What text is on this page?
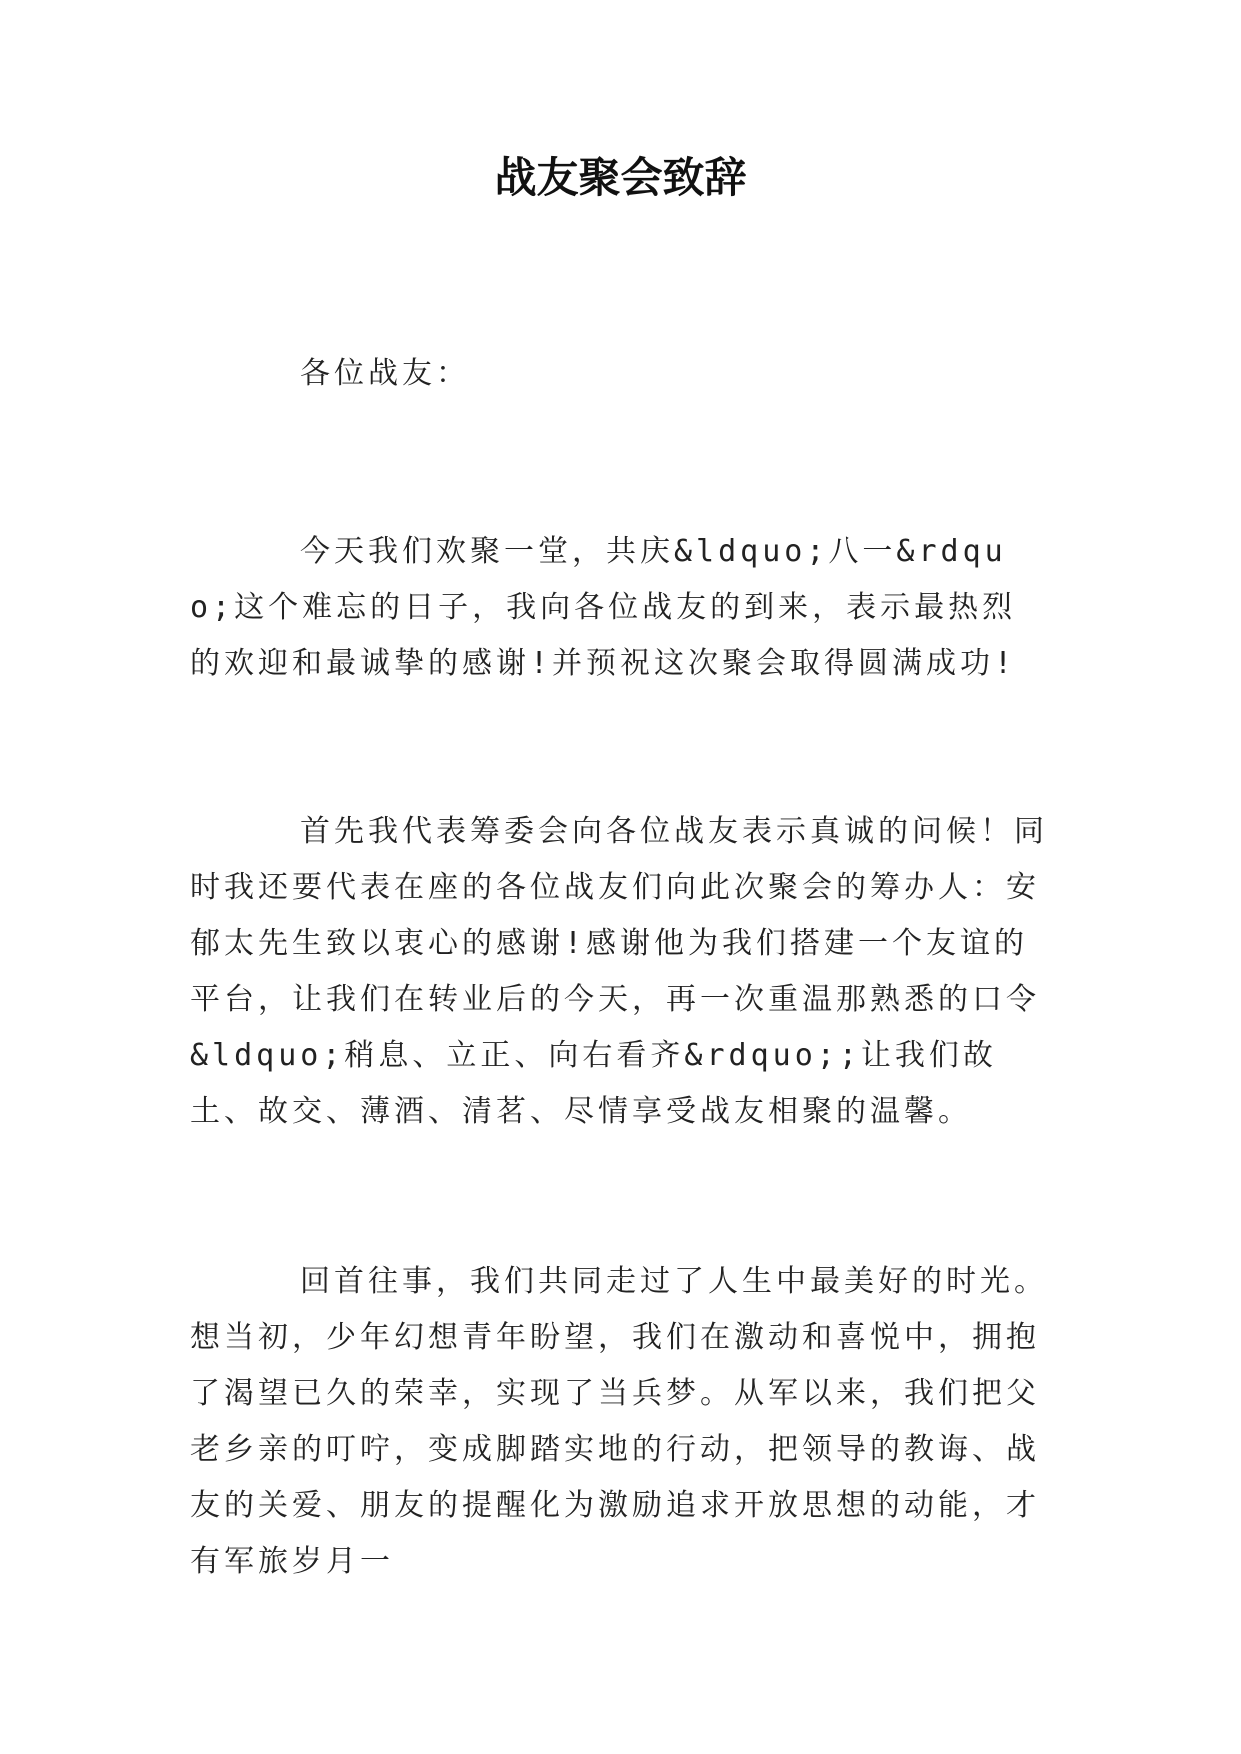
战友聚会致辞

各位战友：

今天我们欢聚一堂，共庆&ldquo;八一&rdquo;这个难忘的日子，我向各位战友的到来，表示最热烈的欢迎和最诚挚的感谢!并预祝这次聚会取得圆满成功!

首先我代表筹委会向各位战友表示真诚的问候！同时我还要代表在座的各位战友们向此次聚会的筹办人：安郁太先生致以衷心的感谢!感谢他为我们搭建一个友谊的平台，让我们在转业后的今天，再一次重温那熟悉的口令&ldquo;稍息、立正、向右看齐&rdquo;;让我们故土、故交、薄酒、清茗、尽情享受战友相聚的温馨。

回首往事，我们共同走过了人生中最美好的时光。想当初，少年幻想青年盼望，我们在激动和喜悦中，拥抱了渴望已久的荣幸，实现了当兵梦。从军以来，我们把父老乡亲的叮咛，变成脚踏实地的行动，把领导的教诲、战友的关爱、朋友的提醒化为激励追求开放思想的动能，才有军旅岁月一
